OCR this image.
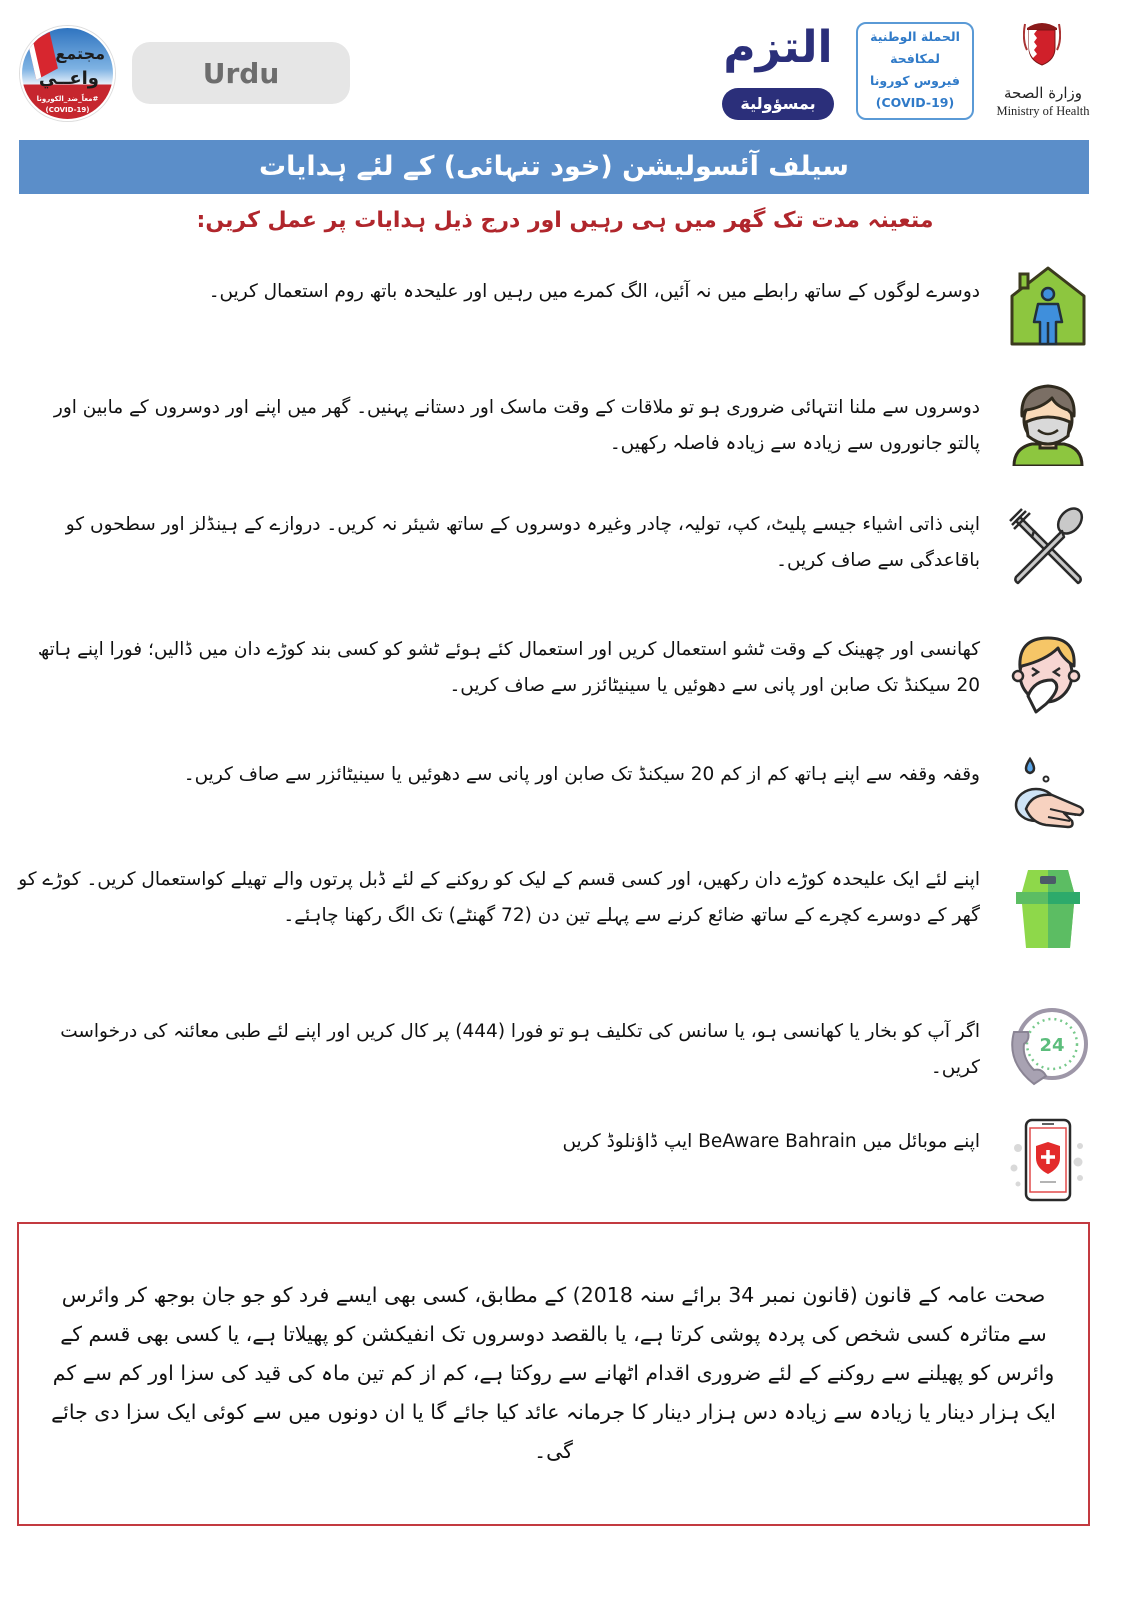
مجتمع
واعــي
#معاً_ضد_الكورونا
(COVID-19)
Urdu	التزم
بمسؤولية
الحملة الوطنية
لمكافحة
فيروس كورونا
(COVID-19)
وزارة الصحة
Ministry of Health
سیلف آئسولیشن (خود تنہائی) کے لئے ہدایات
متعینہ مدت تک گھر میں ہی رہیں اور درج ذیل ہدایات پر عمل کریں:
دوسرے لوگوں کے ساتھ رابطے میں نہ آئیں، الگ کمرے میں رہیں اور علیحدہ باتھ روم استعمال کریں۔
دوسروں سے ملنا انتہائی ضروری ہو تو ملاقات کے وقت ماسک اور دستانے پہنیں۔ گھر میں اپنے اور دوسروں کے مابین اور پالتو جانوروں سے زیادہ سے زیادہ فاصلہ رکھیں۔
اپنی ذاتی اشیاء جیسے پلیٹ، کپ، تولیہ، چادر وغیرہ دوسروں کے ساتھ شیئر نہ کریں۔ دروازے کے ہینڈلز اور سطحوں کو باقاعدگی سے صاف کریں۔
کھانسی اور چھینک کے وقت ٹشو استعمال کریں اور استعمال کئے ہوئے ٹشو کو کسی بند کوڑے دان میں ڈالیں؛ فورا اپنے ہاتھ 20 سیکنڈ تک صابن اور پانی سے دھوئیں یا سینیٹائزر سے صاف کریں۔
وقفہ وقفہ سے اپنے ہاتھ کم از کم 20 سیکنڈ تک صابن اور پانی سے دھوئیں یا سینیٹائزر سے صاف کریں۔
اپنے لئے ایک علیحدہ کوڑے دان رکھیں، اور کسی قسم کے لیک کو روکنے کے لئے ڈبل پرتوں والے تھیلے کواستعمال کریں۔ کوڑے کو گھر کے دوسرے کچرے کے ساتھ ضائع کرنے سے پہلے تین دن (72 گھنٹے) تک الگ رکھنا چاہئے۔
اگر آپ کو بخار یا کھانسی ہو، یا سانس کی تکلیف ہو تو فورا (444) پر کال کریں اور اپنے لئے طبی معائنہ کی درخواست کریں۔
24
اپنے موبائل میں BeAware Bahrain ایپ ڈاؤنلوڈ کریں
صحت عامہ کے قانون (قانون نمبر 34 برائے سنہ 2018) کے مطابق، کسی بھی ایسے فرد کو جو جان بوجھ کر وائرس سے متاثرہ کسی شخص کی پردہ پوشی کرتا ہے، یا بالقصد دوسروں تک انفیکشن کو پھیلاتا ہے، یا کسی بھی قسم کے وائرس کو پھیلنے سے روکنے کے لئے ضروری اقدام اٹھانے سے روکتا ہے، کم از کم تین ماہ کی قید کی سزا اور کم سے کم ایک ہزار دینار یا زیادہ سے زیادہ دس ہزار دینار کا جرمانہ عائد کیا جائے گا یا ان دونوں میں سے کوئی ایک سزا دی جائے گی۔
